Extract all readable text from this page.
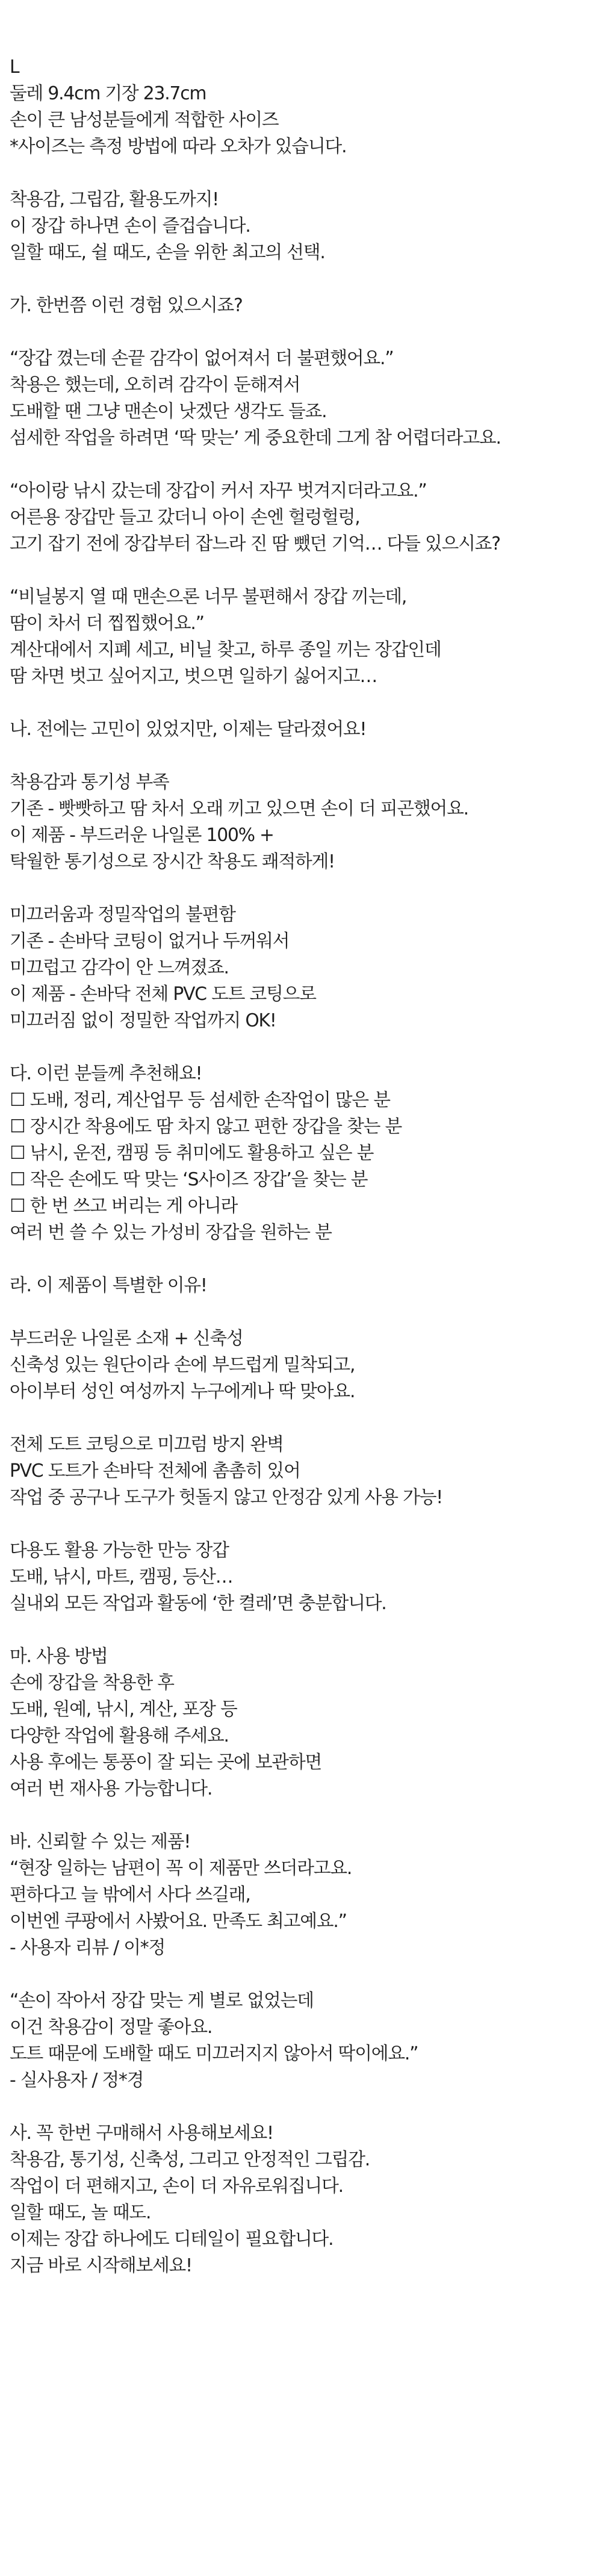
L
둘레 9.4cm 기장 23.7cm
손이 큰 남성분들에게 적합한 사이즈
*사이즈는 측정 방법에 따라 오차가 있습니다.
착용감, 그립감, 활용도까지!
이 장갑 하나면 손이 즐겁습니다.
일할 때도, 쉴 때도, 손을 위한 최고의 선택.
가. 한번쯤 이런 경험 있으시죠?
“장갑 꼈는데 손끝 감각이 없어져서 더 불편했어요.”
착용은 했는데, 오히려 감각이 둔해져서
도배할 땐 그냥 맨손이 낫겠단 생각도 들죠.
섬세한 작업을 하려면 ‘딱 맞는’ 게 중요한데 그게 참 어렵더라고요.
“아이랑 낚시 갔는데 장갑이 커서 자꾸 벗겨지더라고요.”
어른용 장갑만 들고 갔더니 아이 손엔 헐렁헐렁,
고기 잡기 전에 장갑부터 잡느라 진 땀 뺐던 기억… 다들 있으시죠?
“비닐봉지 열 때 맨손으론 너무 불편해서 장갑 끼는데,
땀이 차서 더 찝찝했어요.”
계산대에서 지폐 세고, 비닐 찾고, 하루 종일 끼는 장갑인데
땀 차면 벗고 싶어지고, 벗으면 일하기 싫어지고…
나. 전에는 고민이 있었지만, 이제는 달라졌어요!
착용감과 통기성 부족
기존 - 빳빳하고 땀 차서 오래 끼고 있으면 손이 더 피곤했어요.
이 제품 - 부드러운 나일론 100% +
탁월한 통기성으로 장시간 착용도 쾌적하게!
미끄러움과 정밀작업의 불편함
기존 - 손바닥 코팅이 없거나 두꺼워서
미끄럽고 감각이 안 느껴졌죠.
이 제품 - 손바닥 전체 PVC 도트 코팅으로
미끄러짐 없이 정밀한 작업까지 OK!
다. 이런 분들께 추천해요!
☐ 도배, 정리, 계산업무 등 섬세한 손작업이 많은 분
☐ 장시간 착용에도 땀 차지 않고 편한 장갑을 찾는 분
☐ 낚시, 운전, 캠핑 등 취미에도 활용하고 싶은 분
☐ 작은 손에도 딱 맞는 ‘S사이즈 장갑’을 찾는 분
☐ 한 번 쓰고 버리는 게 아니라
여러 번 쓸 수 있는 가성비 장갑을 원하는 분
라. 이 제품이 특별한 이유!
부드러운 나일론 소재 + 신축성
신축성 있는 원단이라 손에 부드럽게 밀착되고,
아이부터 성인 여성까지 누구에게나 딱 맞아요.
전체 도트 코팅으로 미끄럼 방지 완벽
PVC 도트가 손바닥 전체에 촘촘히 있어
작업 중 공구나 도구가 헛돌지 않고 안정감 있게 사용 가능!
다용도 활용 가능한 만능 장갑
도배, 낚시, 마트, 캠핑, 등산…
실내외 모든 작업과 활동에 ‘한 켤레’면 충분합니다.
마. 사용 방법
손에 장갑을 착용한 후
도배, 원예, 낚시, 계산, 포장 등
다양한 작업에 활용해 주세요.
사용 후에는 통풍이 잘 되는 곳에 보관하면
여러 번 재사용 가능합니다.
바. 신뢰할 수 있는 제품!
“현장 일하는 남편이 꼭 이 제품만 쓰더라고요.
편하다고 늘 밖에서 사다 쓰길래,
이번엔 쿠팡에서 사봤어요. 만족도 최고예요.”
- 사용자 리뷰 / 이*정
“손이 작아서 장갑 맞는 게 별로 없었는데
이건 착용감이 정말 좋아요.
도트 때문에 도배할 때도 미끄러지지 않아서 딱이에요.”
- 실사용자 / 정*경
사. 꼭 한번 구매해서 사용해보세요!
착용감, 통기성, 신축성, 그리고 안정적인 그립감.
작업이 더 편해지고, 손이 더 자유로워집니다.
일할 때도, 놀 때도.
이제는 장갑 하나에도 디테일이 필요합니다.
지금 바로 시작해보세요!
